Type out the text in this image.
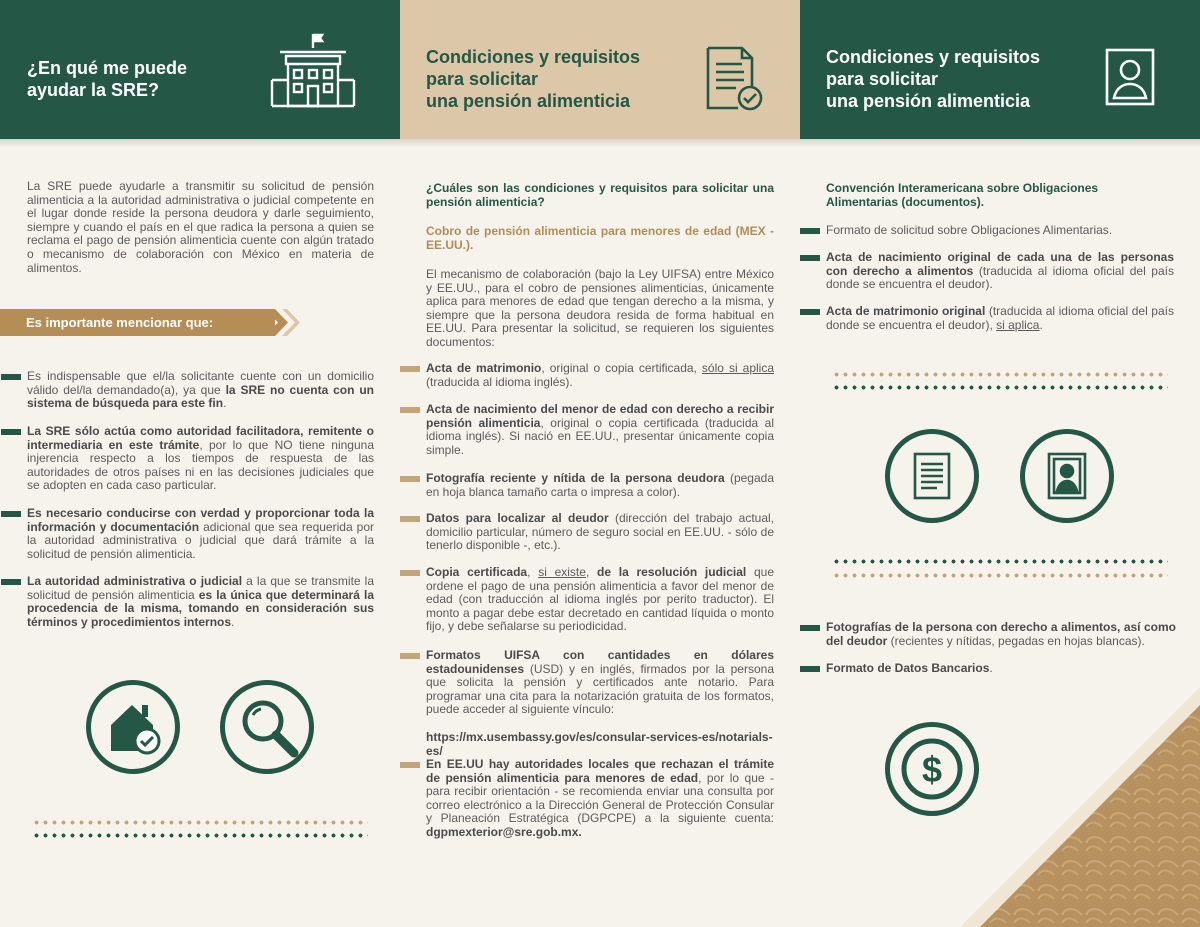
¿En qué me puede
ayudar la SRE?
Condiciones y requisitos
para solicitar
una pensión alimenticia
Condiciones y requisitos
para solicitar
una pensión alimenticia

La SRE puede ayudarle a transmitir su solicitud de pensión alimenticia a la autoridad administrativa o judicial competente en el lugar donde reside la persona deudora y darle seguimiento, siempre y cuando el país en el que radica la persona a quien se reclama el pago de pensión alimenticia cuente con algún tratado o mecanismo de colaboración con México en materia de alimentos.

Es importante mencionar que:
Es indispensable que el/la solicitante cuente con un domicilio válido del/la demandado(a), ya que la SRE no cuenta con un sistema de búsqueda para este fin.
La SRE sólo actúa como autoridad facilitadora, remitente o intermediaria en este trámite, por lo que NO tiene ninguna injerencia respecto a los tiempos de respuesta de las autoridades de otros países ni en las decisiones judiciales que se adopten en cada caso particular.
Es necesario conducirse con verdad y proporcionar toda la información y documentación adicional que sea requerida por la autoridad administrativa o judicial que dará trámite a la solicitud de pensión alimenticia.
La autoridad administrativa o judicial a la que se transmite la solicitud de pensión alimenticia es la única que determinará la procedencia de la misma, tomando en consideración sus términos y procedimientos internos.

¿Cuáles son las condiciones y requisitos para solicitar una pensión alimenticia?

Cobro de pensión alimenticia para menores de edad (MEX - EE.UU.).

El mecanismo de colaboración (bajo la Ley UIFSA) entre México y EE.UU., para el cobro de pensiones alimenticias, únicamente aplica para menores de edad que tengan derecho a la misma, y siempre que la persona deudora resida de forma habitual en EE.UU. Para presentar la solicitud, se requieren los siguientes documentos:

Acta de matrimonio, original o copia certificada, sólo si aplica (traducida al idioma inglés).
Acta de nacimiento del menor de edad con derecho a recibir pensión alimenticia, original o copia certificada (traducida al idioma inglés). Si nació en EE.UU., presentar únicamente copia simple.
Fotografía reciente y nítida de la persona deudora (pegada en hoja blanca tamaño carta o impresa a color).
Datos para localizar al deudor (dirección del trabajo actual, domicilio particular, número de seguro social en EE.UU. - sólo de tenerlo disponible -, etc.).
Copia certificada, si existe, de la resolución judicial que ordene el pago de una pensión alimenticia a favor del menor de edad (con traducción al idioma inglés por perito traductor). El monto a pagar debe estar decretado en cantidad líquida o monto fijo, y debe señalarse su periodicidad.
Formatos UIFSA con cantidades en dólares estadounidenses (USD) y en inglés, firmados por la persona que solicita la pensión y certificados ante notario. Para programar una cita para la notarización gratuita de los formatos, puede acceder al siguiente vínculo:

https://mx.usembassy.gov/es/consular-services-es/notarials-es/

En EE.UU hay autoridades locales que rechazan el trámite de pensión alimenticia para menores de edad, por lo que - para recibir orientación - se recomienda enviar una consulta por correo electrónico a la Dirección General de Protección Consular y Planeación Estratégica (DGPCPE) a la siguiente cuenta: dgpmexterior@sre.gob.mx.

Convención Interamericana sobre Obligaciones Alimentarias (documentos).

Formato de solicitud sobre Obligaciones Alimentarias.
Acta de nacimiento original de cada una de las personas con derecho a alimentos (traducida al idioma oficial del país donde se encuentra el deudor).
Acta de matrimonio original (traducida al idioma oficial del país donde se encuentra el deudor), si aplica.
Fotografías de la persona con derecho a alimentos, así como del deudor (recientes y nítidas, pegadas en hojas blancas).
Formato de Datos Bancarios.
$
